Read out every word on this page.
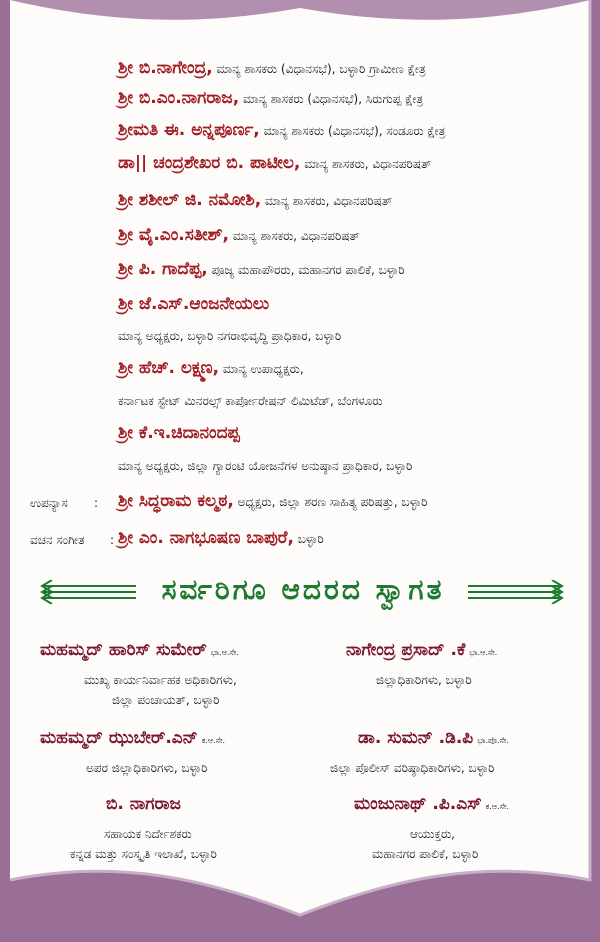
ಶ್ರೀ ಬಿ.ನಾಗೇಂದ್ರ, ಮಾನ್ಯ ಶಾಸಕರು (ವಿಧಾನಸಭೆ), ಬಳ್ಳಾರಿ ಗ್ರಾಮೀಣ ಕ್ಷೇತ್ರ
ಶ್ರೀ ಬಿ.ಎಂ.ನಾಗರಾಜ, ಮಾನ್ಯ ಶಾಸಕರು (ವಿಧಾನಸಭೆ), ಸಿರುಗುಪ್ಪ ಕ್ಷೇತ್ರ
ಶ್ರೀಮತಿ ಈ. ಅನ್ನಪೂರ್ಣ, ಮಾನ್ಯ ಶಾಸಕರು (ವಿಧಾನಸಭೆ), ಸಂಡೂರು ಕ್ಷೇತ್ರ
ಡಾ|| ಚಂದ್ರಶೇಖರ ಬಿ. ಪಾಟೀಲ, ಮಾನ್ಯ ಶಾಸಕರು, ವಿಧಾನಪರಿಷತ್
ಶ್ರೀ ಶಶೀಲ್ ಜಿ. ನಮೋಶಿ, ಮಾನ್ಯ ಶಾಸಕರು, ವಿಧಾನಪರಿಷತ್
ಶ್ರೀ ವೈ.ಎಂ.ಸತೀಶ್, ಮಾನ್ಯ ಶಾಸಕರು, ವಿಧಾನಪರಿಷತ್
ಶ್ರೀ ಪಿ. ಗಾದೆಪ್ಪ, ಪೂಜ್ಯ ಮಹಾಪೌರರು, ಮಹಾನಗರ ಪಾಲಿಕೆ, ಬಳ್ಳಾರಿ
ಶ್ರೀ ಜೆ.ಎಸ್.ಆಂಜನೇಯಲು
ಮಾನ್ಯ ಅಧ್ಯಕ್ಷರು, ಬಳ್ಳಾರಿ ನಗರಾಭಿವೃದ್ಧಿ ಪ್ರಾಧಿಕಾರ, ಬಳ್ಳಾರಿ
ಶ್ರೀ ಹೆಚ್. ಲಕ್ಷ್ಮಣ, ಮಾನ್ಯ ಉಪಾಧ್ಯಕ್ಷರು,
ಕರ್ನಾಟಕ ಸ್ಟೇಟ್ ಮಿನರಲ್ಸ್ ಕಾರ್ಪೋರೇಷನ್ ಲಿಮಿಟೆಡ್, ಬೆಂಗಳೂರು
ಶ್ರೀ ಕೆ.ಇ.ಚಿದಾನಂದಪ್ಪ
ಮಾನ್ಯ ಅಧ್ಯಕ್ಷರು, ಜಿಲ್ಲಾ ಗ್ಯಾರಂಟಿ ಯೋಜನೆಗಳ ಅನುಷ್ಠಾನ ಪ್ರಾಧಿಕಾರ, ಬಳ್ಳಾರಿ
ಉಪನ್ಯಾಸ : ಶ್ರೀ ಸಿದ್ಧರಾಮ ಕಲ್ಮಠ, ಅಧ್ಯಕ್ಷರು, ಜಿಲ್ಲಾ ಶರಣ ಸಾಹಿತ್ಯ ಪರಿಷತ್ತು, ಬಳ್ಳಾರಿ
ವಚನ ಸಂಗೀತ : ಶ್ರೀ ಎಂ. ನಾಗಭೂಷಣ ಬಾಪುರೆ, ಬಳ್ಳಾರಿ
ಸರ್ವರಿಗೂ ಆದರದ ಸ್ವಾಗತ
ಮಹಮ್ಮದ್ ಹಾರಿಸ್ ಸುಮೇರ್ ಭಾ.ಆ.ಸೇ.
ಮುಖ್ಯ ಕಾರ್ಯನಿರ್ವಾಹಕ ಅಧಿಕಾರಿಗಳು,
ಜಿಲ್ಲಾ ಪಂಚಾಯತ್, ಬಳ್ಳಾರಿ
ನಾಗೇಂದ್ರ ಪ್ರಸಾದ್ .ಕೆ ಭಾ.ಆ.ಸೇ.
ಜಿಲ್ಲಾಧಿಕಾರಿಗಳು, ಬಳ್ಳಾರಿ
ಮಹಮ್ಮದ್ ಝುಬೇರ್.ಎನ್ ಕ.ಆ.ಸೇ.
ಅಪರ ಜಿಲ್ಲಾಧಿಕಾರಿಗಳು, ಬಳ್ಳಾರಿ
ಡಾ. ಸುಮನ್ .ಡಿ.ಪಿ ಭಾ.ಪೊ.ಸೇ.
ಜಿಲ್ಲಾ ಪೊಲೀಸ್ ವರಿಷ್ಠಾಧಿಕಾರಿಗಳು, ಬಳ್ಳಾರಿ
ಬಿ. ನಾಗರಾಜ
ಸಹಾಯಕ ನಿರ್ದೇಶಕರು
ಕನ್ನಡ ಮತ್ತು ಸಂಸ್ಕೃತಿ ಇಲಾಖೆ, ಬಳ್ಳಾರಿ
ಮಂಜುನಾಥ್ .ಪಿ.ಎಸ್ ಕ.ಆ.ಸೇ.
ಆಯುಕ್ತರು,
ಮಹಾನಗರ ಪಾಲಿಕೆ, ಬಳ್ಳಾರಿ
